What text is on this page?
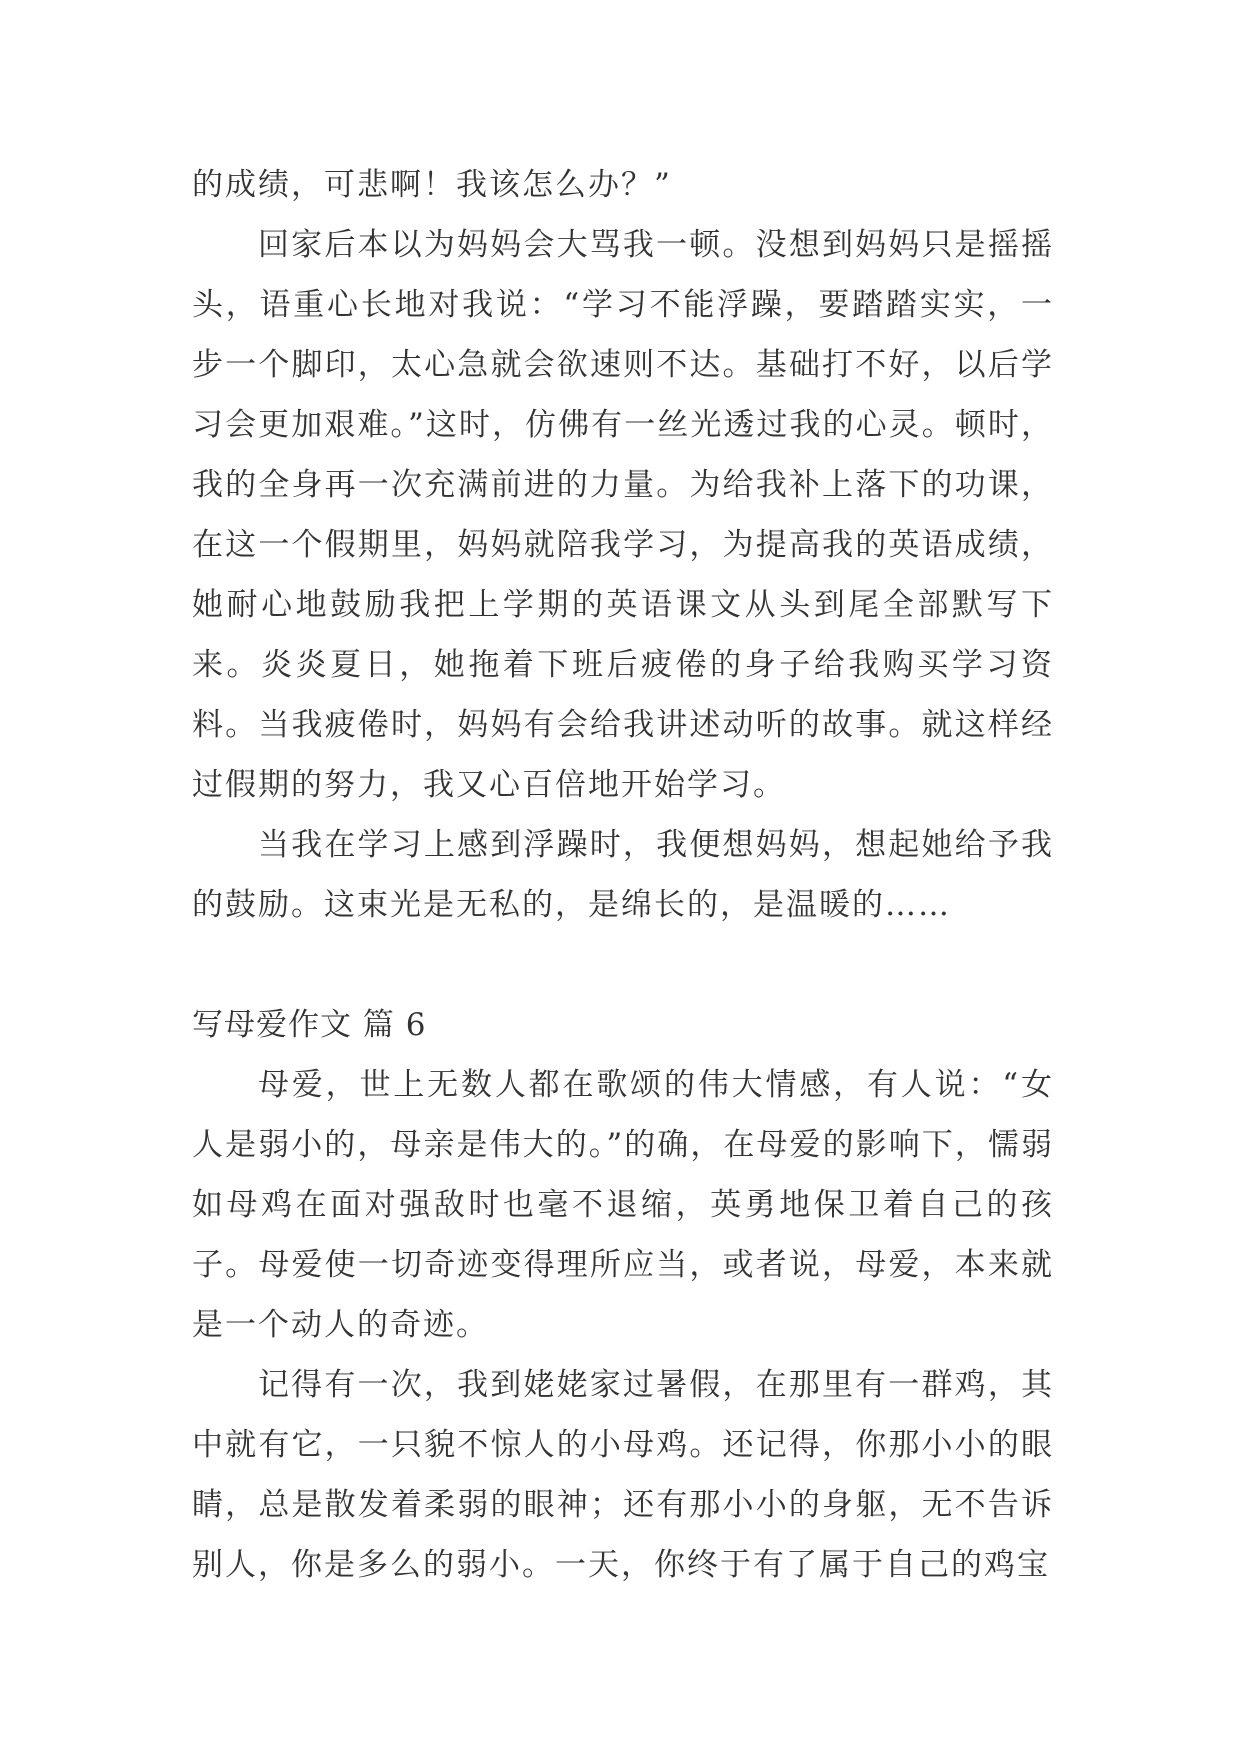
的成绩，可悲啊！我该怎么办？”

回家后本以为妈妈会大骂我一顿。没想到妈妈只是摇摇头，语重心长地对我说：“学习不能浮躁，要踏踏实实，一步一个脚印，太心急就会欲速则不达。基础打不好，以后学习会更加艰难。”这时，仿佛有一丝光透过我的心灵。顿时，我的全身再一次充满前进的力量。为给我补上落下的功课，在这一个假期里，妈妈就陪我学习，为提高我的英语成绩，她耐心地鼓励我把上学期的英语课文从头到尾全部默写下来。炎炎夏日，她拖着下班后疲倦的身子给我购买学习资料。当我疲倦时，妈妈有会给我讲述动听的故事。就这样经过假期的努力，我又心百倍地开始学习。

当我在学习上感到浮躁时，我便想妈妈，想起她给予我的鼓励。这束光是无私的，是绵长的，是温暖的……

写母爱作文 篇 6

母爱，世上无数人都在歌颂的伟大情感，有人说：“女人是弱小的，母亲是伟大的。”的确，在母爱的影响下，懦弱如母鸡在面对强敌时也毫不退缩，英勇地保卫着自己的孩子。母爱使一切奇迹变得理所应当，或者说，母爱，本来就是一个动人的奇迹。

记得有一次，我到姥姥家过暑假，在那里有一群鸡，其中就有它，一只貌不惊人的小母鸡。还记得，你那小小的眼睛，总是散发着柔弱的眼神；还有那小小的身躯，无不告诉别人，你是多么的弱小。一天，你终于有了属于自己的鸡宝
